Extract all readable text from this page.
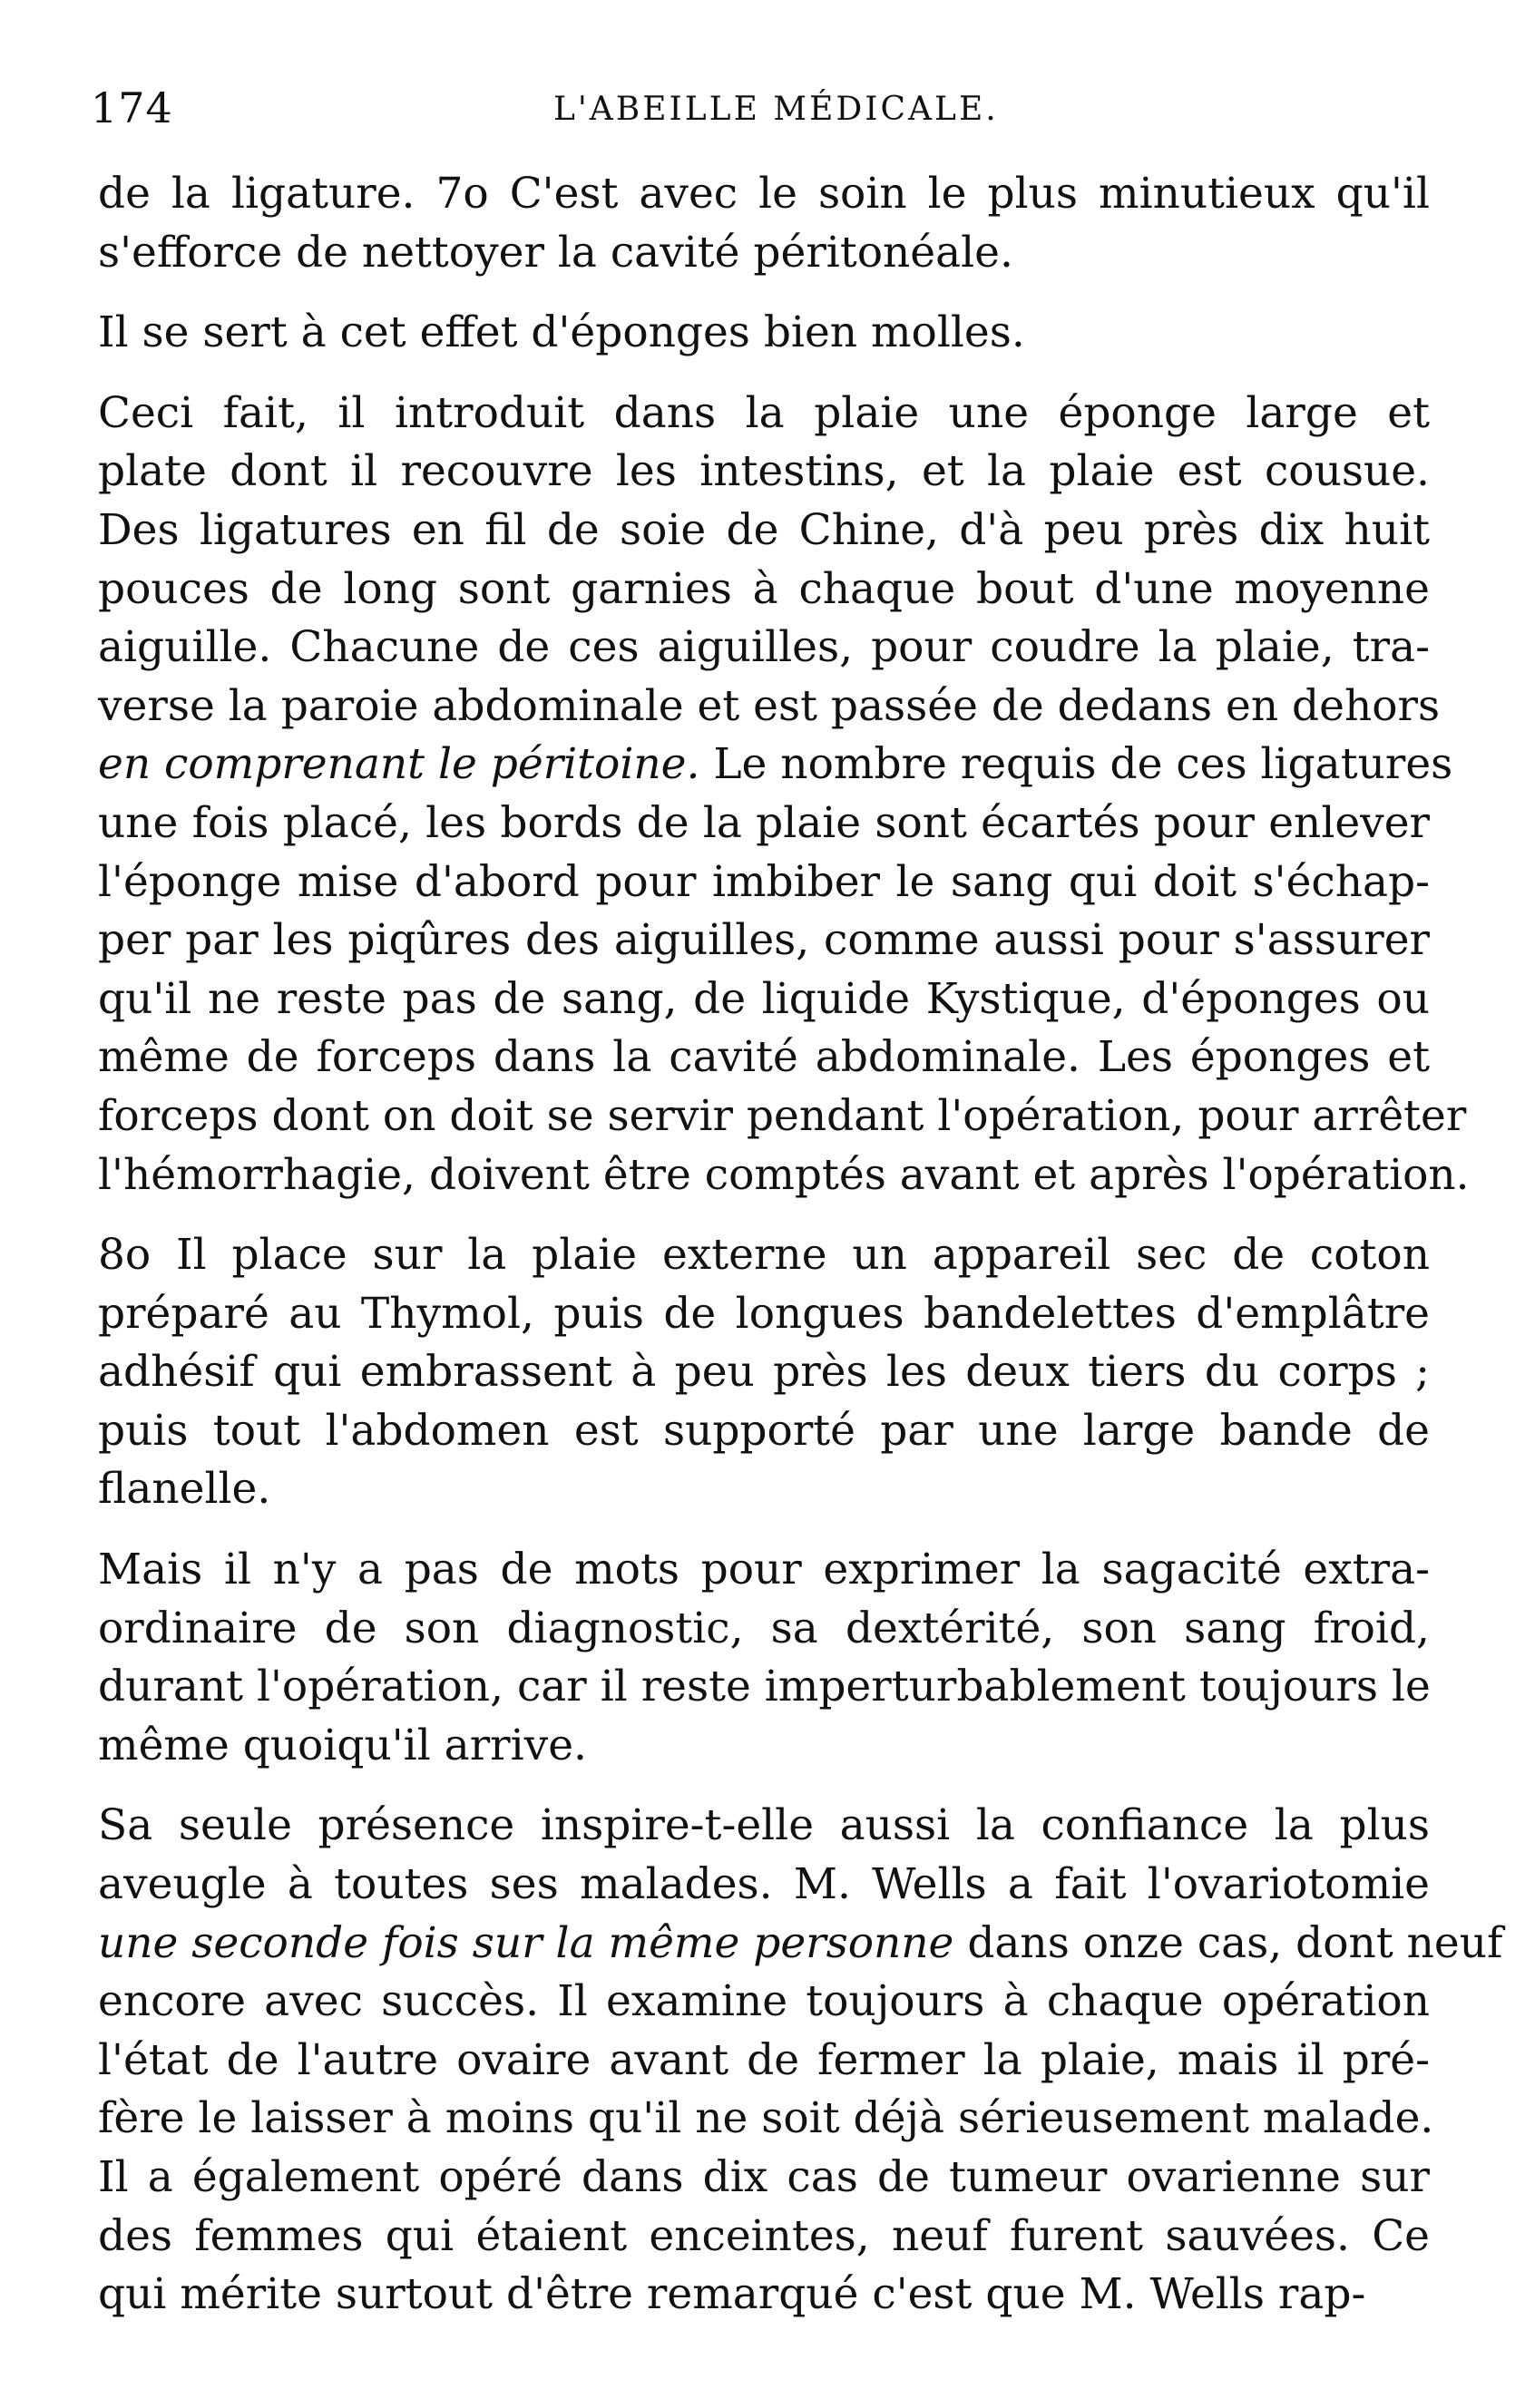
174	L'ABEILLE MÉDICALE.
de la ligature. 7o C'est avec le soin le plus minutieux qu'il
s'efforce de nettoyer la cavité péritonéale.
Il se sert à cet effet d'éponges bien molles.
Ceci fait, il introduit dans la plaie une éponge large et
plate dont il recouvre les intestins, et la plaie est cousue.
Des ligatures en fil de soie de Chine, d'à peu près dix huit
pouces de long sont garnies à chaque bout d'une moyenne
aiguille. Chacune de ces aiguilles, pour coudre la plaie, tra-
verse la paroie abdominale et est passée de dedans en dehors
en comprenant le péritoine. Le nombre requis de ces ligatures
une fois placé, les bords de la plaie sont écartés pour enlever
l'éponge mise d'abord pour imbiber le sang qui doit s'échap-
per par les piqûres des aiguilles, comme aussi pour s'assurer
qu'il ne reste pas de sang, de liquide Kystique, d'éponges ou
même de forceps dans la cavité abdominale. Les éponges et
forceps dont on doit se servir pendant l'opération, pour arrêter
l'hémorrhagie, doivent être comptés avant et après l'opération.
8o Il place sur la plaie externe un appareil sec de coton
préparé au Thymol, puis de longues bandelettes d'emplâtre
adhésif qui embrassent à peu près les deux tiers du corps ;
puis tout l'abdomen est supporté par une large bande de
flanelle.
Mais il n'y a pas de mots pour exprimer la sagacité extra-
ordinaire de son diagnostic, sa dextérité, son sang froid,
durant l'opération, car il reste imperturbablement toujours le
même quoiqu'il arrive.
Sa seule présence inspire-t-elle aussi la confiance la plus
aveugle à toutes ses malades. M. Wells a fait l'ovariotomie
une seconde fois sur la même personne dans onze cas, dont neuf
encore avec succès. Il examine toujours à chaque opération
l'état de l'autre ovaire avant de fermer la plaie, mais il pré-
fère le laisser à moins qu'il ne soit déjà sérieusement malade.
Il a également opéré dans dix cas de tumeur ovarienne sur
des femmes qui étaient enceintes, neuf furent sauvées. Ce
qui mérite surtout d'être remarqué c'est que M. Wells rap-
